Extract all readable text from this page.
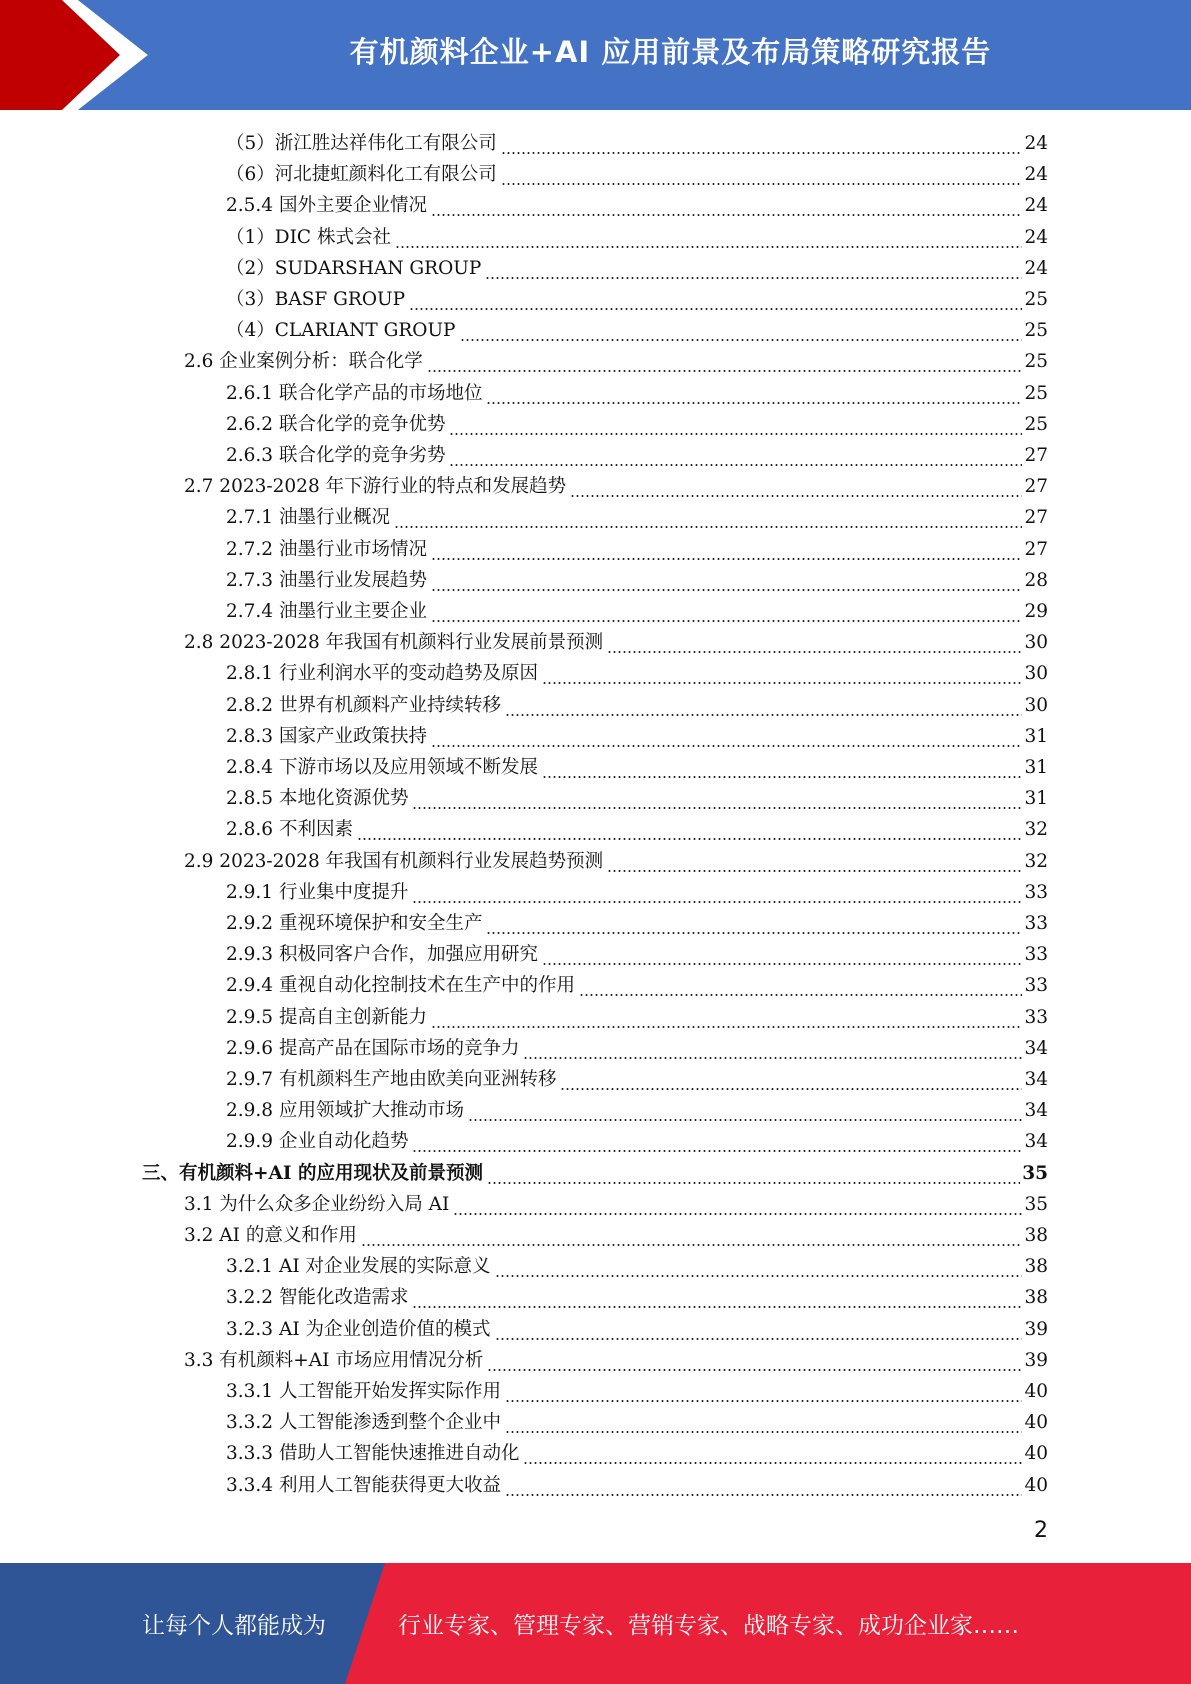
有机颜料企业+AI 应用前景及布局策略研究报告
（5）浙江胜达祥伟化工有限公司	24
（6）河北捷虹颜料化工有限公司	24
2.5.4 国外主要企业情况	24
（1）DIC 株式会社	24
（2）SUDARSHAN GROUP	24
（3）BASF GROUP	25
（4）CLARIANT GROUP	25
2.6 企业案例分析：联合化学	25
2.6.1 联合化学产品的市场地位	25
2.6.2 联合化学的竞争优势	25
2.6.3 联合化学的竞争劣势	27
2.7 2023-2028 年下游行业的特点和发展趋势	27
2.7.1 油墨行业概况	27
2.7.2 油墨行业市场情况	27
2.7.3 油墨行业发展趋势	28
2.7.4 油墨行业主要企业	29
2.8 2023-2028 年我国有机颜料行业发展前景预测	30
2.8.1 行业利润水平的变动趋势及原因	30
2.8.2 世界有机颜料产业持续转移	30
2.8.3 国家产业政策扶持	31
2.8.4 下游市场以及应用领域不断发展	31
2.8.5 本地化资源优势	31
2.8.6 不利因素	32
2.9 2023-2028 年我国有机颜料行业发展趋势预测	32
2.9.1 行业集中度提升	33
2.9.2 重视环境保护和安全生产	33
2.9.3 积极同客户合作，加强应用研究	33
2.9.4 重视自动化控制技术在生产中的作用	33
2.9.5 提高自主创新能力	33
2.9.6 提高产品在国际市场的竞争力	34
2.9.7 有机颜料生产地由欧美向亚洲转移	34
2.9.8 应用领域扩大推动市场	34
2.9.9 企业自动化趋势	34
三、有机颜料+AI 的应用现状及前景预测	35
3.1 为什么众多企业纷纷入局 AI	35
3.2 AI 的意义和作用	38
3.2.1 AI 对企业发展的实际意义	38
3.2.2 智能化改造需求	38
3.2.3 AI 为企业创造价值的模式	39
3.3 有机颜料+AI 市场应用情况分析	39
3.3.1 人工智能开始发挥实际作用	40
3.3.2 人工智能渗透到整个企业中	40
3.3.3 借助人工智能快速推进自动化	40
3.3.4 利用人工智能获得更大收益	40
2
让每个人都能成为	行业专家、管理专家、营销专家、战略专家、成功企业家……
